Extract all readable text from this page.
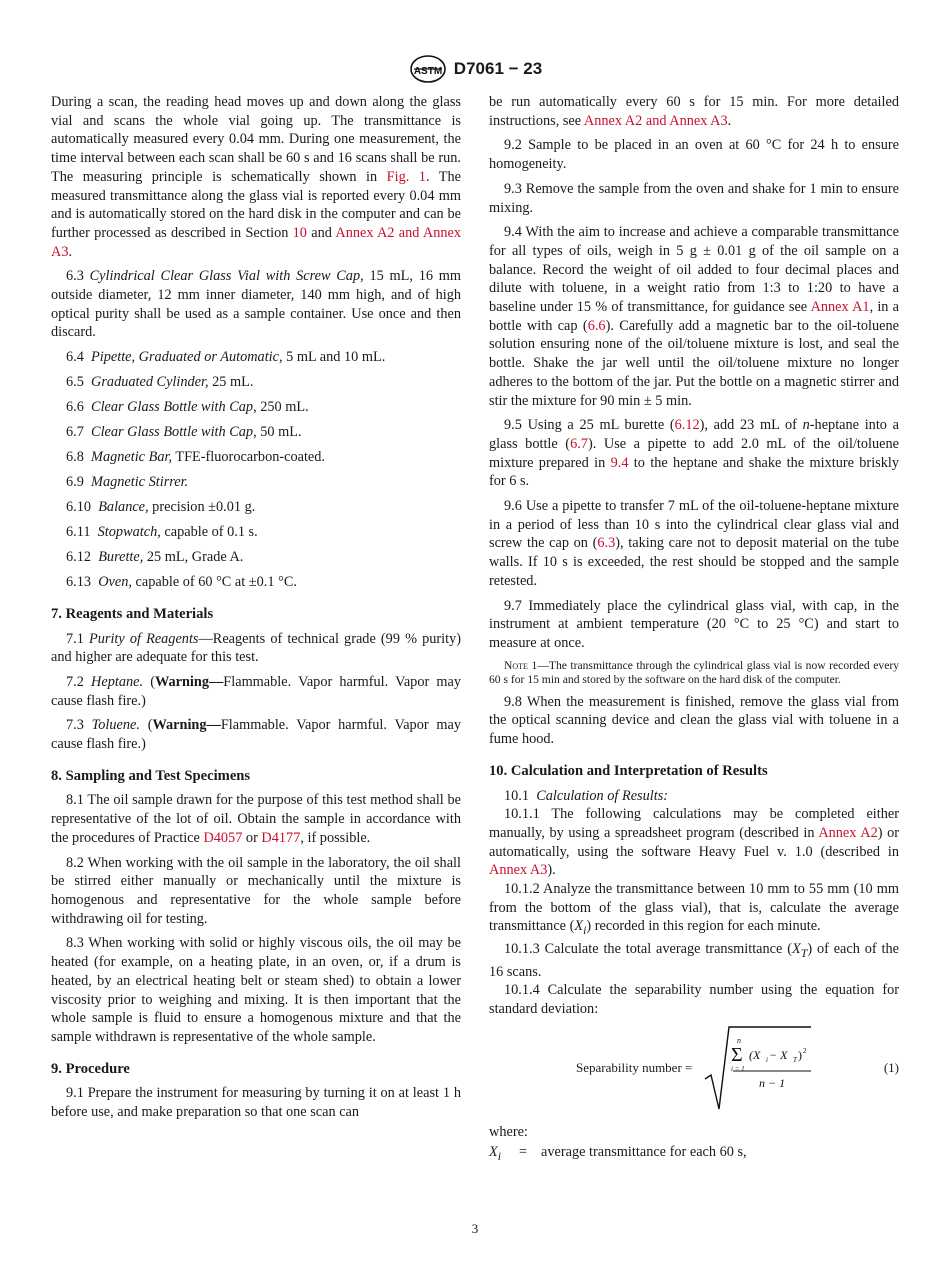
ASTM D7061 − 23

During a scan, the reading head moves up and down along the glass vial and scans the whole vial going up. The transmittance is automatically measured every 0.04 mm. During one measurement, the time interval between each scan shall be 60 s and 16 scans shall be run. The measuring principle is schematically shown in Fig. 1. The measured transmittance along the glass vial is reported every 0.04 mm and is automatically stored on the hard disk in the computer and can be further processed as described in Section 10 and Annex A2 and Annex A3.

6.3 Cylindrical Clear Glass Vial with Screw Cap, 15 mL, 16 mm outside diameter, 12 mm inner diameter, 140 mm high, and of high optical purity shall be used as a sample container. Use once and then discard.

6.4 Pipette, Graduated or Automatic, 5 mL and 10 mL.

6.5 Graduated Cylinder, 25 mL.

6.6 Clear Glass Bottle with Cap, 250 mL.

6.7 Clear Glass Bottle with Cap, 50 mL.

6.8 Magnetic Bar, TFE-fluorocarbon-coated.

6.9 Magnetic Stirrer.

6.10 Balance, precision ±0.01 g.

6.11 Stopwatch, capable of 0.1 s.

6.12 Burette, 25 mL, Grade A.

6.13 Oven, capable of 60 °C at ±0.1 °C.

7. Reagents and Materials

7.1 Purity of Reagents—Reagents of technical grade (99 % purity) and higher are adequate for this test.

7.2 Heptane. (Warning—Flammable. Vapor harmful. Vapor may cause flash fire.)

7.3 Toluene. (Warning—Flammable. Vapor harmful. Vapor may cause flash fire.)

8. Sampling and Test Specimens

8.1 The oil sample drawn for the purpose of this test method shall be representative of the lot of oil. Obtain the sample in accordance with the procedures of Practice D4057 or D4177, if possible.

8.2 When working with the oil sample in the laboratory, the oil shall be stirred either manually or mechanically until the mixture is homogenous and representative for the whole sample before withdrawing oil for testing.

8.3 When working with solid or highly viscous oils, the oil may be heated (for example, on a heating plate, in an oven, or, if a drum is heated, by an electrical heating belt or steam shed) to obtain a lower viscosity prior to weighing and mixing. It is then important that the whole sample is fluid to ensure a homogenous mixture and that the sample withdrawn is representative of the whole sample.

9. Procedure

9.1 Prepare the instrument for measuring by turning it on at least 1 h before use, and make preparation so that one scan can

be run automatically every 60 s for 15 min. For more detailed instructions, see Annex A2 and Annex A3.

9.2 Sample to be placed in an oven at 60 °C for 24 h to ensure homogeneity.

9.3 Remove the sample from the oven and shake for 1 min to ensure mixing.

9.4 With the aim to increase and achieve a comparable transmittance for all types of oils, weigh in 5 g ± 0.01 g of the oil sample on a balance. Record the weight of oil added to four decimal places and dilute with toluene, in a weight ratio from 1:3 to 1:20 to have a baseline under 15 % of transmittance, for guidance see Annex A1, in a bottle with cap (6.6). Carefully add a magnetic bar to the oil-toluene solution ensuring none of the oil/toluene mixture is lost, and seal the bottle. Shake the jar well until the oil/toluene mixture no longer adheres to the bottom of the jar. Put the bottle on a magnetic stirrer and stir the mixture for 90 min ± 5 min.

9.5 Using a 25 mL burette (6.12), add 23 mL of n-heptane into a glass bottle (6.7). Use a pipette to add 2.0 mL of the oil/toluene mixture prepared in 9.4 to the heptane and shake the mixture briskly for 6 s.

9.6 Use a pipette to transfer 7 mL of the oil-toluene-heptane mixture in a period of less than 10 s into the cylindrical clear glass vial and screw the cap on (6.3), taking care not to deposit material on the tube walls. If 10 s is exceeded, the rest should be stopped and the sample retested.

9.7 Immediately place the cylindrical glass vial, with cap, in the instrument at ambient temperature (20 °C to 25 °C) and start to measure at once.

Note 1—The transmittance through the cylindrical glass vial is now recorded every 60 s for 15 min and stored by the software on the hard disk of the computer.

9.8 When the measurement is finished, remove the glass vial from the optical scanning device and clean the glass vial with toluene in a fume hood.

10. Calculation and Interpretation of Results

10.1 Calculation of Results:

10.1.1 The following calculations may be completed either manually, by using a spreadsheet program (described in Annex A2) or automatically, using the software Heavy Fuel v. 1.0 (described in Annex A3).

10.1.2 Analyze the transmittance between 10 mm to 55 mm (10 mm from the bottom of the glass vial), that is, calculate the average transmittance $(X_i)$ recorded in this region for each minute.

10.1.3 Calculate the total average transmittance $(X_T)$ of each of the 16 scans.

10.1.4 Calculate the separability number using the equation for standard deviation:

Separability number =
n
Σ
i = 1
(X i − X T ) 2
n − 1
(1)

where:

$X_i$	= average transmittance for each 60 s,
3
